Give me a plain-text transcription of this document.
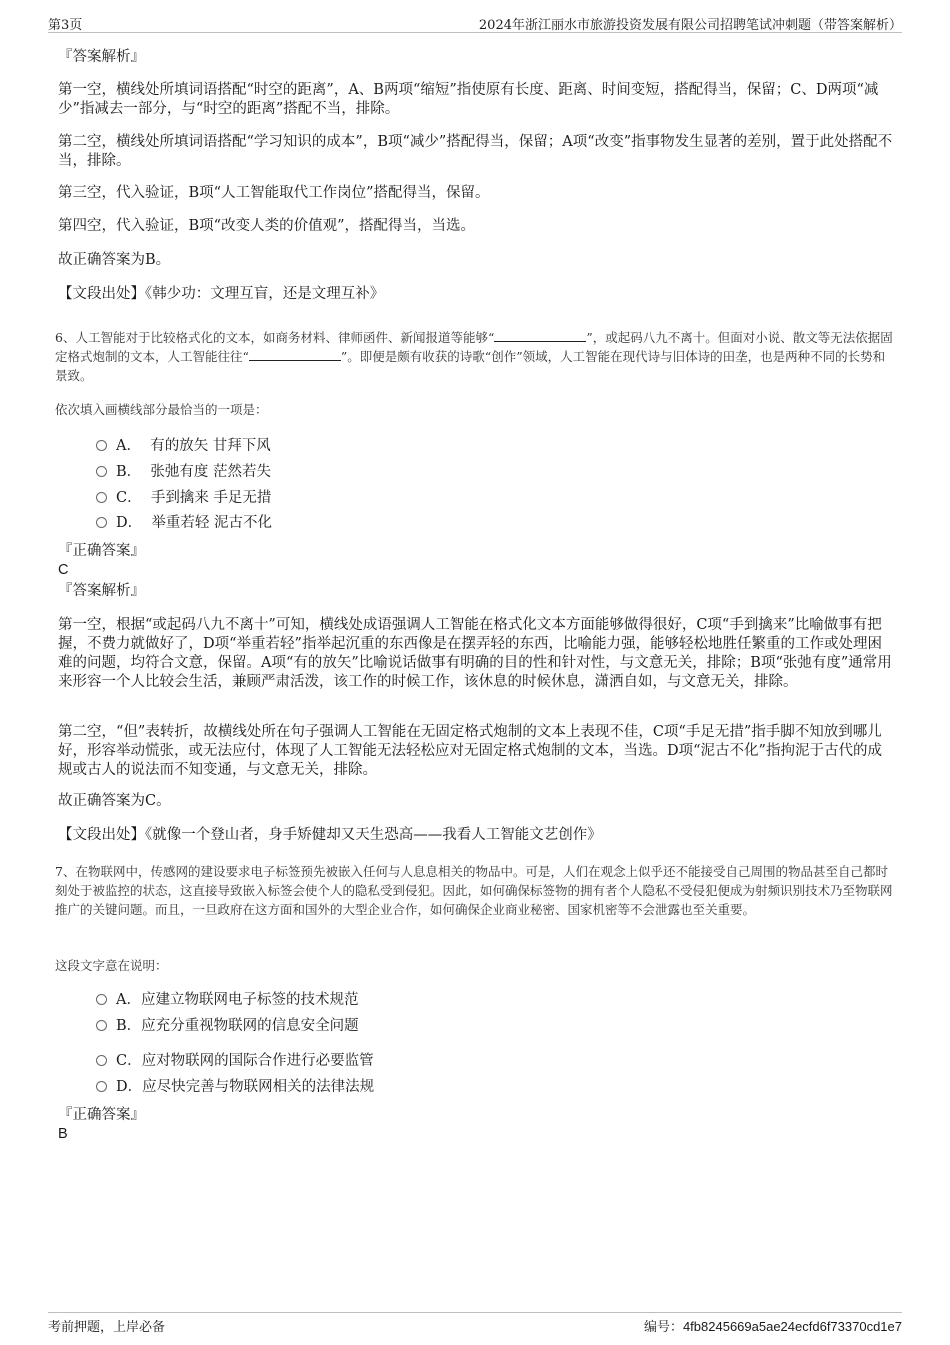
第3页	2024年浙江丽水市旅游投资发展有限公司招聘笔试冲刺题（带答案解析）
『答案解析』
第一空，横线处所填词语搭配“时空的距离”，A、B两项“缩短”指使原有长度、距离、时间变短，搭配得当，保留；C、D两项“减少”指减去一部分，与“时空的距离”搭配不当，排除。
第二空，横线处所填词语搭配“学习知识的成本”，B项“减少”搭配得当，保留；A项“改变”指事物发生显著的差别，置于此处搭配不当，排除。
第三空，代入验证，B项“人工智能取代工作岗位”搭配得当，保留。
第四空，代入验证，B项“改变人类的价值观”，搭配得当，当选。
故正确答案为B。
【文段出处】《韩少功：文理互盲，还是文理互补》
6、人工智能对于比较格式化的文本，如商务材料、律师函件、新闻报道等能够“	”，或起码八九不离十。但面对小说、散文等无法依据固定格式炮制的文本，人工智能往往“	”。即便是颇有收获的诗歌“创作”领域，人工智能在现代诗与旧体诗的田垄，也是两种不同的长势和景致。
依次填入画横线部分最恰当的一项是：
A． 有的放矢 甘拜下风
B． 张弛有度 茫然若失
C． 手到擒来 手足无措
D． 举重若轻 泥古不化
『正确答案』
C
『答案解析』
第一空，根据“或起码八九不离十”可知，横线处成语强调人工智能在格式化文本方面能够做得很好，C项“手到擒来”比喻做事有把握，不费力就做好了，D项“举重若轻”指举起沉重的东西像是在摆弄轻的东西，比喻能力强，能够轻松地胜任繁重的工作或处理困难的问题，均符合文意，保留。A项“有的放矢”比喻说话做事有明确的目的性和针对性，与文意无关，排除；B项“张弛有度”通常用来形容一个人比较会生活，兼顾严肃活泼，该工作的时候工作，该休息的时候休息，潇洒自如，与文意无关，排除。
第二空，“但”表转折，故横线处所在句子强调人工智能在无固定格式炮制的文本上表现不佳，C项“手足无措”指手脚不知放到哪儿好，形容举动慌张，或无法应付，体现了人工智能无法轻松应对无固定格式炮制的文本，当选。D项“泥古不化”指拘泥于古代的成规或古人的说法而不知变通，与文意无关，排除。
故正确答案为C。
【文段出处】《就像一个登山者，身手矫健却又天生恐高——我看人工智能文艺创作》
7、在物联网中，传感网的建设要求电子标签预先被嵌入任何与人息息相关的物品中。可是，人们在观念上似乎还不能接受自己周围的物品甚至自己都时刻处于被监控的状态，这直接导致嵌入标签会使个人的隐私受到侵犯。因此，如何确保标签物的拥有者个人隐私不受侵犯便成为射频识别技术乃至物联网推广的关键问题。而且，一旦政府在这方面和国外的大型企业合作，如何确保企业商业秘密、国家机密等不会泄露也至关重要。
这段文字意在说明：
A．应建立物联网电子标签的技术规范
B．应充分重视物联网的信息安全问题
C．应对物联网的国际合作进行必要监管
D．应尽快完善与物联网相关的法律法规
『正确答案』
B
考前押题，上岸必备	编号：4fb8245669a5ae24ecfd6f73370cd1e7
